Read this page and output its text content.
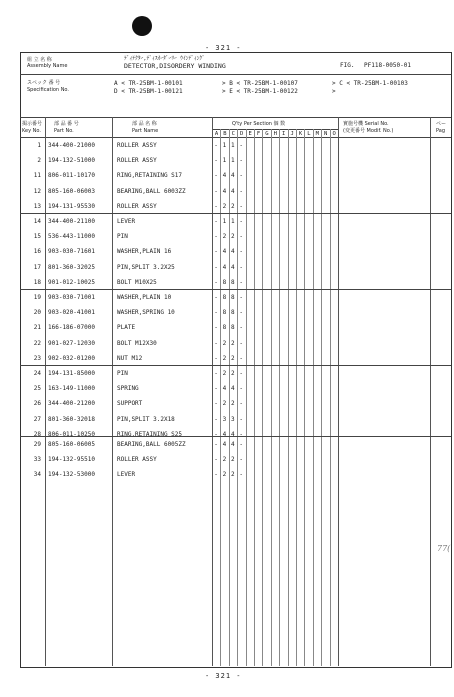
- 321 -
組 立 名 称
Assembly Name
ﾃﾞｨﾃｸﾀｰ,ﾃﾞｨｽｵｰﾀﾞｰﾘｰ ｳｲﾝﾃﾞｨﾝｸﾞ
DETECTOR,DISORDERY WINDING	FIG. PF118-0050-01
スペック 番 号
Specification No.
A < TR-25BM-1-00101	> B < TR-25BM-1-00107	> C < TR-25BM-1-00103
D < TR-25BM-1-00121	> E < TR-25BM-1-00122	>
掲示番号
Key No.
部 品 番 号
Part No.
部 品 名 称
Part Name
Q'ty Per Section 個 数	實施号機 Serial No.
(変更番号 Modif. No.)
ペー
Pag
A B C D E F G H I J K L M N O
1 344-400-21000	ROLLER ASSY	- 1 1 -
2 194-132-51000	ROLLER ASSY	- 1 1 -
11 806-011-10170	RING,RETAINING S17	- 4 4 -
12 805-160-06003	BEARING,BALL 6003ZZ	- 4 4 -
13 194-131-95530	ROLLER ASSY	- 2 2 -
14 344-400-21100	LEVER	- 1 1 -
15 536-443-11000	PIN	- 2 2 -
16 903-030-71601	WASHER,PLAIN 16	- 4 4 -
17 801-360-32025	PIN,SPLIT 3.2X25	- 4 4 -
18 901-012-10025	BOLT M10X25	- 8 8 -
19 903-030-71001	WASHER,PLAIN 10	- 8 8 -
20 903-020-41001	WASHER,SPRING 10	- 8 8 -
21 166-186-07000	PLATE	- 8 8 -
22 901-027-12030	BOLT M12X30	- 2 2 -
23 902-032-01200	NUT M12	- 2 2 -
24 194-131-85000	PIN	- 2 2 -
25 163-149-11000	SPRING	- 4 4 -
26 344-400-21200	SUPPORT	- 2 2 -
27 801-360-32018	PIN,SPLIT 3.2X18	- 3 3 -
28 806-011-10250	RING,RETAINING S25	- 4 4 -
29 805-160-06005	BEARING,BALL 6005ZZ	- 4 4 -
33 194-132-95510	ROLLER ASSY	- 2 2 -
34 194-132-53000	LEVER	- 2 2 -
77(
- 321 -
